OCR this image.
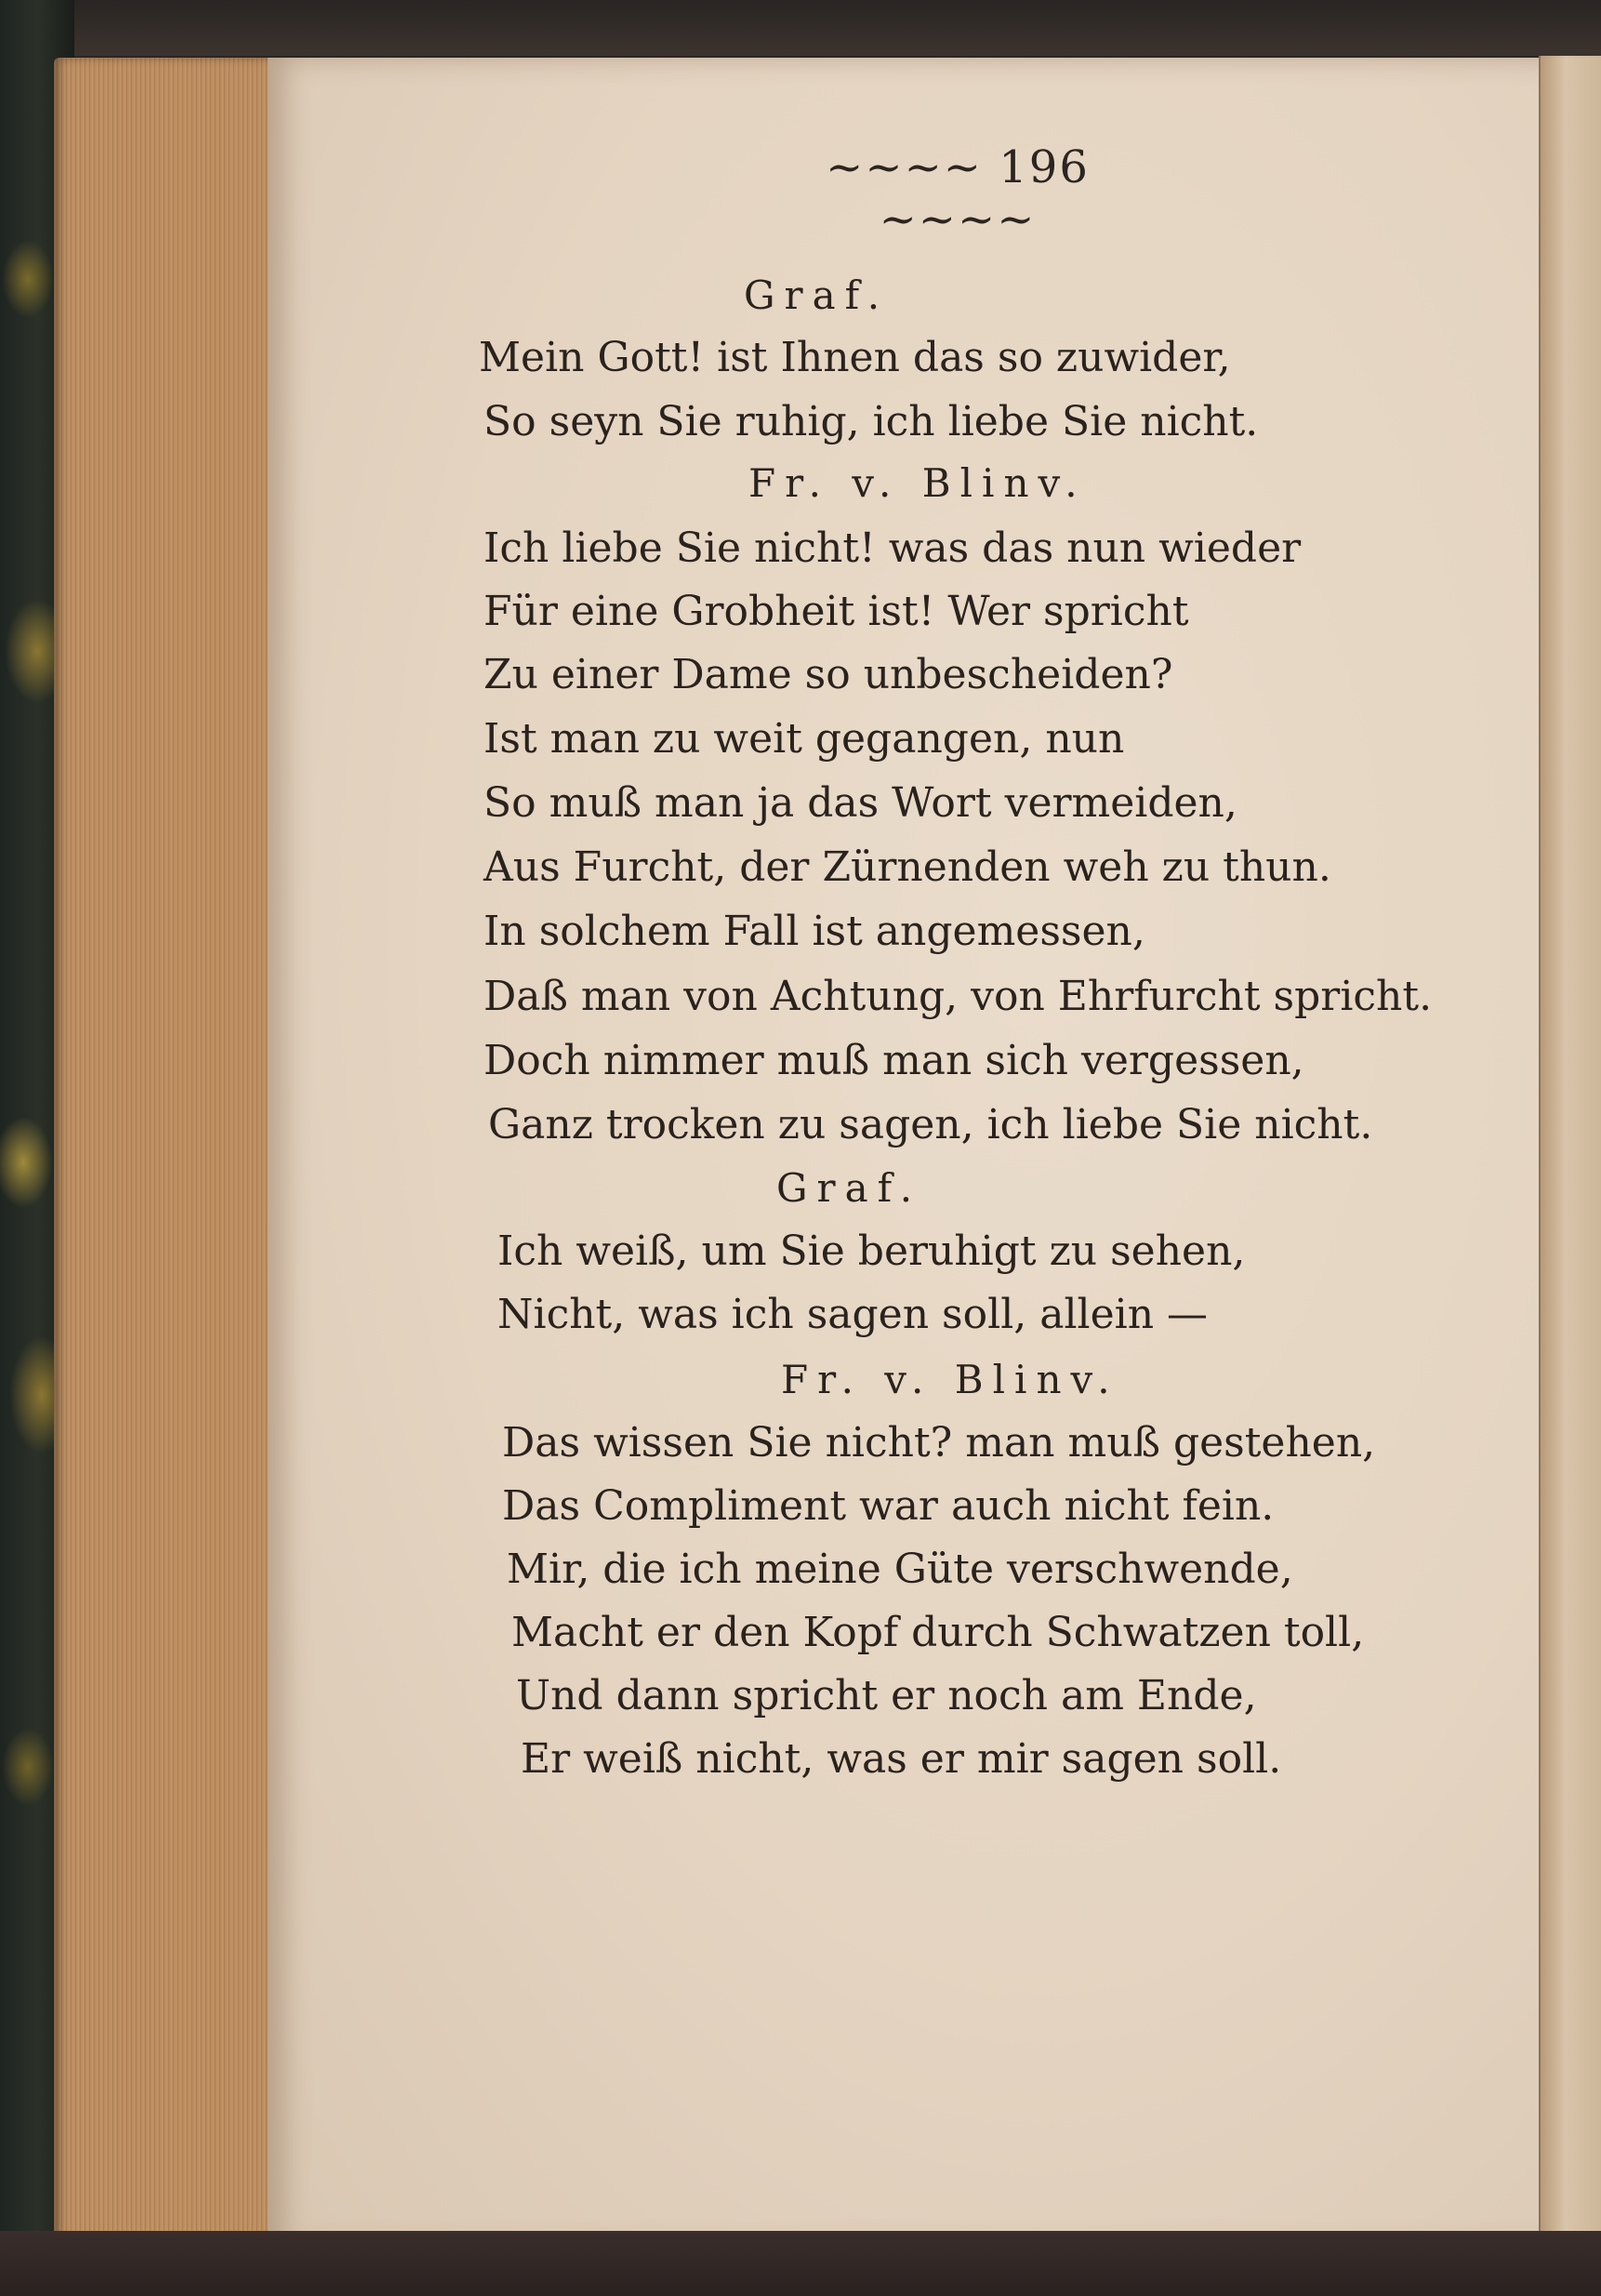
~~~~ 196 ~~~~

Graf.

Mein Gott! ist Ihnen das so zuwider,

So seyn Sie ruhig, ich liebe Sie nicht.

Fr. v. Blinv.

Ich liebe Sie nicht! was das nun wieder

Für eine Grobheit ist! Wer spricht

Zu einer Dame so unbescheiden?

Ist man zu weit gegangen, nun

So muß man ja das Wort vermeiden,

Aus Furcht, der Zürnenden weh zu thun.

In solchem Fall ist angemessen,

Daß man von Achtung, von Ehrfurcht spricht.

Doch nimmer muß man sich vergessen,

Ganz trocken zu sagen, ich liebe Sie nicht.

Graf.

Ich weiß, um Sie beruhigt zu sehen,

Nicht, was ich sagen soll, allein —

Fr. v. Blinv.

Das wissen Sie nicht? man muß gestehen,

Das Compliment war auch nicht fein.

Mir, die ich meine Güte verschwende,

Macht er den Kopf durch Schwatzen toll,

Und dann spricht er noch am Ende,

Er weiß nicht, was er mir sagen soll.
